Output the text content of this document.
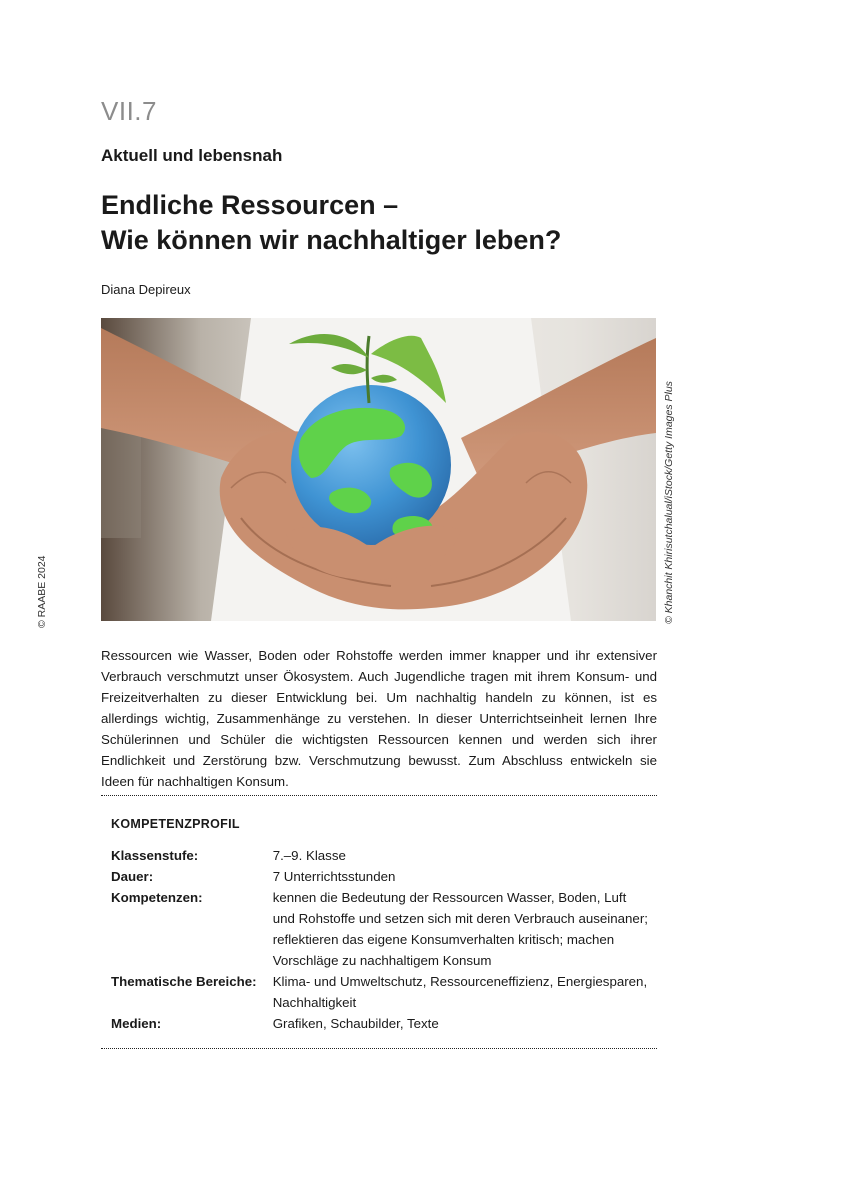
VII.7
Aktuell und lebensnah
Endliche Ressourcen –
Wie können wir nachhaltiger leben?
Diana Depireux
© Khanchit Khirisutchalual/iStock/Getty Images Plus
© RAABE 2024

Ressourcen wie Wasser, Boden oder Rohstoffe werden immer knapper und ihr extensiver Verbrauch verschmutzt unser Ökosystem. Auch Jugendliche tragen mit ihrem Konsum- und Freizeitverhalten zu dieser Entwicklung bei. Um nachhaltig handeln zu können, ist es allerdings wichtig, Zusammenhänge zu verstehen. In dieser Unterrichtseinheit lernen Ihre Schülerinnen und Schüler die wichtigsten Ressourcen kennen und werden sich ihrer Endlichkeit und Zerstörung bzw. Verschmutzung bewusst. Zum Abschluss entwickeln sie Ideen für nachhaltigen Konsum.

KOMPETENZPROFIL
Klassenstufe:	7.–9. Klasse
Dauer:	7 Unterrichtsstunden
Kompetenzen:	kennen die Bedeutung der Ressourcen Wasser, Boden, Luft und Rohstoffe und setzen sich mit deren Verbrauch auseinaner; reflektieren das eigene Konsumverhalten kritisch; machen Vorschläge zu nachhaltigem Konsum
Thematische Bereiche:	Klima- und Umweltschutz, Ressourceneffizienz, Energiesparen, Nachhaltigkeit
Medien:	Grafiken, Schaubilder, Texte
